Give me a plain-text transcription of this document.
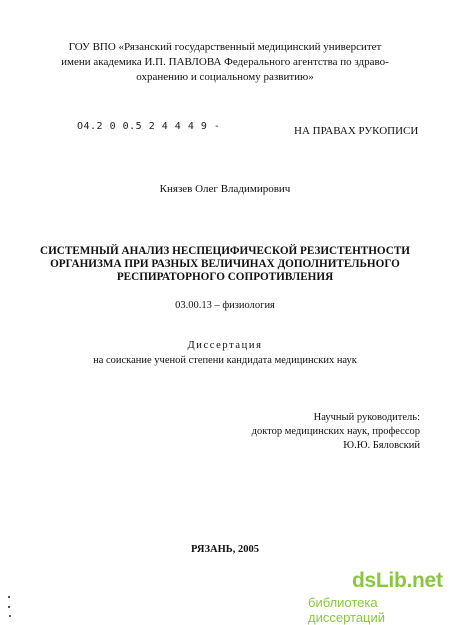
ГОУ ВПО «Рязанский государственный медицинский университет
имени академика И.П. ПАВЛОВА Федерального агентства по здраво-
охранению и социальному развитию»
О4.2 0 0.5 2 4 4 4 9 -	НА ПРАВАХ РУКОПИСИ
Князев Олег Владимирович
СИСТЕМНЫЙ АНАЛИЗ НЕСПЕЦИФИЧЕСКОЙ РЕЗИСТЕНТНОСТИ
ОРГАНИЗМА ПРИ РАЗНЫХ ВЕЛИЧИНАХ ДОПОЛНИТЕЛЬНОГО
РЕСПИРАТОРНОГО СОПРОТИВЛЕНИЯ
03.00.13 – физиология
Диссертация
на соискание ученой степени кандидата медицинских наук
Научный руководитель:
доктор медицинских наук, профессор
Ю.Ю. Бяловский
РЯЗАНЬ, 2005
dsLib.net
библиотека диссертаций
